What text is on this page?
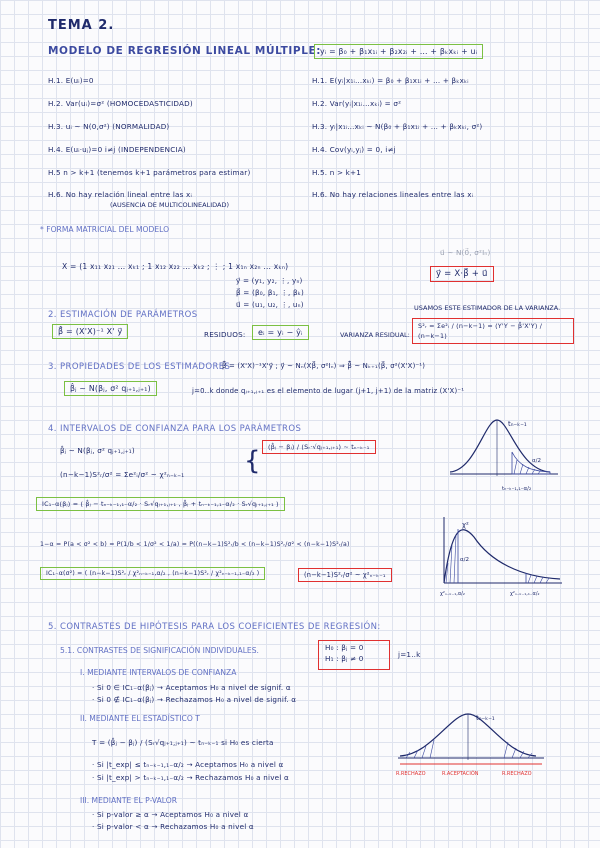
TEMA 2.
MODELO DE REGRESIÓN LINEAL MÚLTIPLE:
yᵢ = β₀ + β₁x₁ᵢ + β₂x₂ᵢ + … + βₖxₖᵢ + uᵢ
H.1. E(uᵢ)=0
H.2. Var(uᵢ)=σ² (HOMOCEDASTICIDAD)
H.3. uᵢ ~ N(0,σ²) (NORMALIDAD)
H.4. E(uᵢ·uⱼ)=0 i≠j (INDEPENDENCIA)
H.5 n > k+1 (tenemos k+1 parámetros para estimar)
H.6. No hay relación lineal entre las xᵢ
(AUSENCIA DE MULTICOLINEALIDAD)
H.1. E(yᵢ|x₁ᵢ…xₖᵢ) = β₀ + β₁x₁ᵢ + … + βₖxₖᵢ
H.2. Var(yᵢ|x₁ᵢ…xₖᵢ) = σ²
H.3. yᵢ|x₁ᵢ…xₖᵢ ~ N(β₀ + β₁x₁ᵢ + … + βₖxₖᵢ, σ²)
H.4. Cov(yᵢ,yⱼ) = 0, i≠j
H.5. n > k+1
H.6. No hay relaciones lineales entre las xᵢ
* FORMA MATRICIAL DEL MODELO
X = (1 x₁₁ x₂₁ … xₖ₁ ; 1 x₁₂ x₂₂ … xₖ₂ ; ⋮ ; 1 x₁ₙ x₂ₙ … xₖₙ)
y⃗ = (y₁, y₂, ⋮, yₙ)
β⃗ = (β₀, β₁, ⋮, βₖ)
u⃗ = (u₁, u₂, ⋮, uₙ)
u⃗ ~ N(0⃗, σ²Iₙ)
y⃗ = X·β⃗ + u⃗
2. ESTIMACIÓN DE PARÁMETROS
USAMOS ESTE ESTIMADOR DE LA VARIANZA.
β̂⃗ = (X'X)⁻¹ X' y⃗	RESIDUOS:	eᵢ = yᵢ − ŷᵢ	VARIANZA RESIDUAL:
S²ᵣ = Σe²ᵢ / (n−k−1) = (Y'Y − β̂'X'Y) / (n−k−1)
3. PROPIEDADES DE LOS ESTIMADORES
β̂⃗ = (X'X)⁻¹X'y⃗ ; y⃗ ~ Nₙ(Xβ⃗, σ²Iₙ) ⇒ β̂⃗ ~ Nₖ₊₁(β⃗, σ²(X'X)⁻¹)
β̂ⱼ ~ N(βⱼ, σ² qⱼ₊₁,ⱼ₊₁)	j=0..k donde qⱼ₊₁,ⱼ₊₁ es el elemento de lugar (j+1, j+1) de la matriz (X'X)⁻¹
4. INTERVALOS DE CONFIANZA PARA LOS PARÁMETROS
β̂ⱼ ~ N(βⱼ, σ² qⱼ₊₁,ⱼ₊₁)
(n−k−1)S²ᵣ/σ² = Σe²ᵢ/σ² ~ χ²ₙ₋ₖ₋₁ {	(β̂ⱼ − βⱼ) / (Sᵣ·√qⱼ₊₁,ⱼ₊₁) ~ tₙ₋ₖ₋₁
IC₁₋α(βⱼ) = ( β̂ⱼ − tₙ₋ₖ₋₁,₁₋α/₂ · Sᵣ√qⱼ₊₁,ⱼ₊₁ , β̂ⱼ + tₙ₋ₖ₋₁,₁₋α/₂ · Sᵣ√qⱼ₊₁,ⱼ₊₁ )
1−α = P(a < σ² < b) = P(1/b < 1/σ² < 1/a) = P((n−k−1)S²ᵣ/b < (n−k−1)S²ᵣ/σ² < (n−k−1)S²ᵣ/a)
IC₁₋α(σ²) = ( (n−k−1)S²ᵣ / χ²ₙ₋ₖ₋₁,α/₂ , (n−k−1)S²ᵣ / χ²ₙ₋ₖ₋₁,₁₋α/₂ )	(n−k−1)S²ᵣ/σ² ~ χ²ₙ₋ₖ₋₁
tₙ₋ₖ₋₁
α/2
tₙ₋ₖ₋₁,₁₋α/₂
χ²
α/2
χ²ₙ₋ₖ₋₁,α/₂	χ²ₙ₋ₖ₋₁,₁₋α/₂
5. CONTRASTES DE HIPÓTESIS PARA LOS COEFICIENTES DE REGRESIÓN:
5.1. CONTRASTES DE SIGNIFICACIÓN INDIVIDUALES.	H₀ : βⱼ = 0
H₁ : βⱼ ≠ 0	j=1..k
I. MEDIANTE INTERVALOS DE CONFIANZA
· Si 0 ∈ IC₁₋α(βⱼ) → Aceptamos H₀ a nivel de signif. α
· Si 0 ∉ IC₁₋α(βⱼ) → Rechazamos H₀ a nivel de signif. α
II. MEDIANTE EL ESTADÍSTICO T
T = (β̂ⱼ − βⱼ) / (Sᵣ√qⱼ₊₁,ⱼ₊₁) ~ tₙ₋ₖ₋₁ si H₀ es cierta
· Si |t_exp| ≤ tₙ₋ₖ₋₁,₁₋α/₂ → Aceptamos H₀ a nivel α
· Si |t_exp| > tₙ₋ₖ₋₁,₁₋α/₂ → Rechazamos H₀ a nivel α
III. MEDIANTE EL P-VALOR
· Si p-valor ≥ α → Aceptamos H₀ a nivel α
· Si p-valor < α → Rechazamos H₀ a nivel α
tₙ₋ₖ₋₁
R.RECHAZO	R.ACEPTACIÓN	R.RECHAZO
